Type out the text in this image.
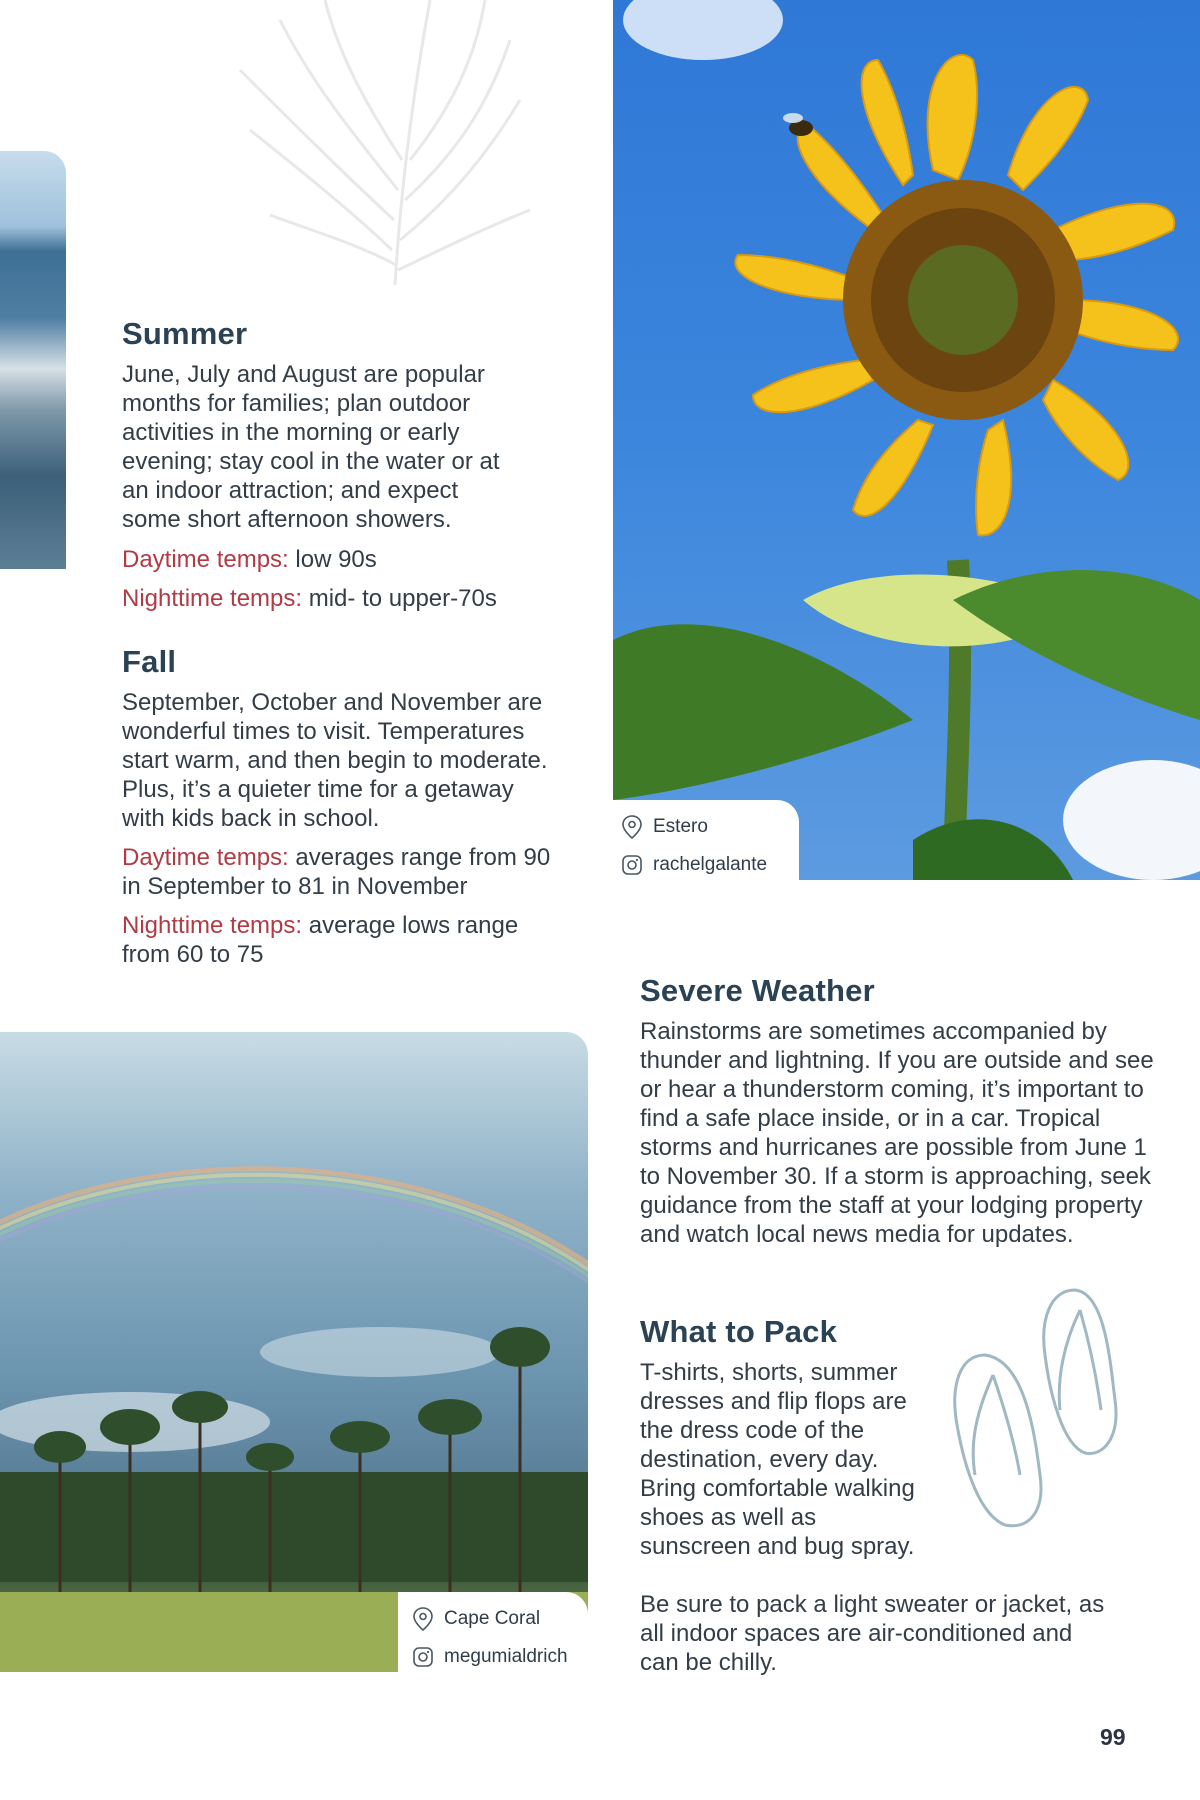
Summer

June, July and August are popular months for families; plan outdoor activities in the morning or early evening; stay cool in the water or at an indoor attraction; and expect some short afternoon showers.

Daytime temps: low 90s

Nighttime temps: mid- to upper-70s

Fall

September, October and November are wonderful times to visit. Temperatures start warm, and then begin to moderate. Plus, it’s a quieter time for a getaway with kids back in school.

Daytime temps: averages range from 90 in September to 81 in November

Nighttime temps: average lows range from 60 to 75

Estero
rachelgalante
Severe Weather

Rainstorms are sometimes accompanied by thunder and lightning. If you are outside and see or hear a thunderstorm coming, it’s important to find a safe place inside, or in a car. Tropical storms and hurricanes are possible from June 1 to November 30. If a storm is approaching, seek guidance from the staff at your lodging property and watch local news media for updates.

What to Pack

T-shirts, shorts, summer dresses and flip flops are the dress code of the destination, every day. Bring comfortable walking shoes as well as sunscreen and bug spray.

Be sure to pack a light sweater or jacket, as all indoor spaces are air-conditioned and can be chilly.

Cape Coral
megumialdrich
99
